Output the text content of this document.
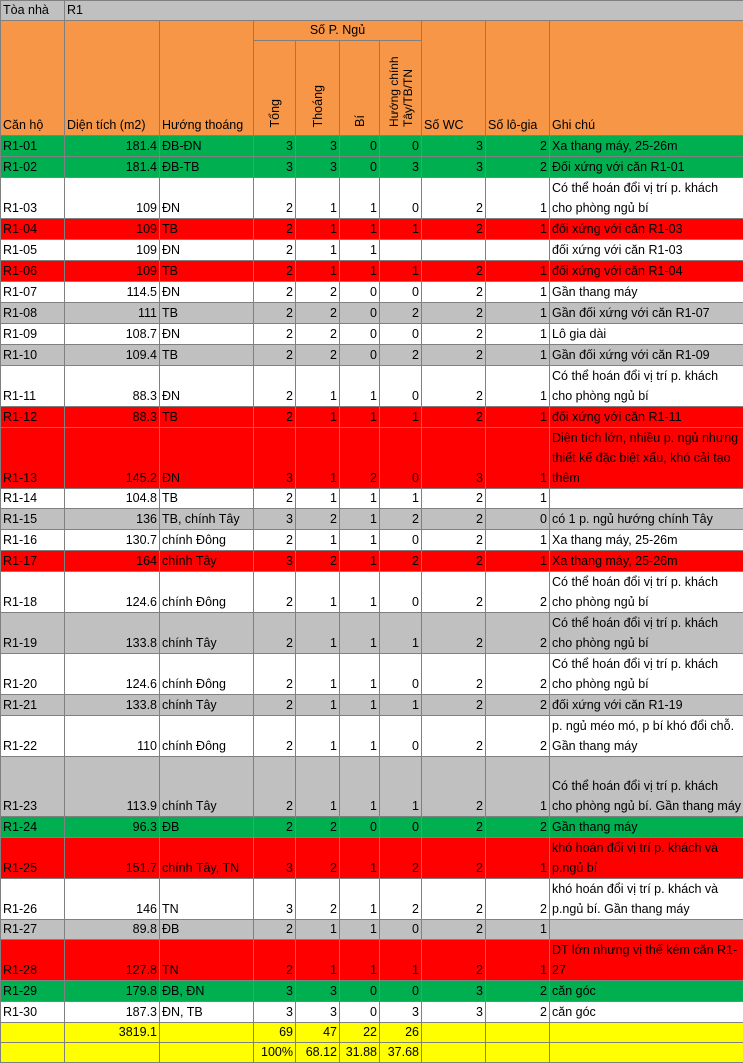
Tòa nhà	R1								
Căn hộ	Diện tích (m2)	Hướng thoáng	Số P. Ngủ				Số WC	Số lô-gia	Ghi chú
			Tổng	Thoáng	Bí	Hướng chính Tây/TB/TN			
R1-01	181.4	ĐB-ĐN	3	3	0	0	3	2	Xa thang máy, 25-26m
R1-02	181.4	ĐB-TB	3	3	0	3	3	2	Đối xứng với căn R1-01
R1-03	109	ĐN	2	1	1	0	2	1	Có thể hoán đổi vị trí p. khách cho phòng ngủ bí
R1-04	109	TB	2	1	1	1	2	1	đối xứng với căn R1-03
R1-05	109	ĐN	2	1	1				đối xứng với căn R1-03
R1-06	109	TB	2	1	1	1	2	1	đối xứng với căn R1-04
R1-07	114.5	ĐN	2	2	0	0	2	1	Gần thang máy
R1-08	111	TB	2	2	0	2	2	1	Gần đối xứng với căn R1-07
R1-09	108.7	ĐN	2	2	0	0	2	1	Lô gia dài
R1-10	109.4	TB	2	2	0	2	2	1	Gần đối xứng với căn R1-09
R1-11	88.3	ĐN	2	1	1	0	2	1	Có thể hoán đổi vị trí p. khách cho phòng ngủ bí
R1-12	88.3	TB	2	1	1	1	2	1	đối xứng với căn R1-11
R1-13	145.2	ĐN	3	1	2	0	3	1	Diện tích lớn, nhiều p. ngủ nhưng thiết kế đặc biệt xấu, khó cải tạo thêm
R1-14	104.8	TB	2	1	1	1	2	1	
R1-15	136	TB, chính Tây	3	2	1	2	2	0	có 1 p. ngủ hướng chính Tây
R1-16	130.7	chính Đông	2	1	1	0	2	1	Xa thang máy, 25-26m
R1-17	164	chính Tây	3	2	1	2	2	1	Xa thang máy, 25-26m
R1-18	124.6	chính Đông	2	1	1	0	2	2	Có thể hoán đổi vị trí p. khách cho phòng ngủ bí
R1-19	133.8	chính Tây	2	1	1	1	2	2	Có thể hoán đổi vị trí p. khách cho phòng ngủ bí
R1-20	124.6	chính Đông	2	1	1	0	2	2	Có thể hoán đổi vị trí p. khách cho phòng ngủ bí
R1-21	133.8	chính Tây	2	1	1	1	2	2	đối xứng với căn R1-19
R1-22	110	chính Đông	2	1	1	0	2	2	p. ngủ méo mó, p bí khó đổi chỗ. Gần thang máy
R1-23	113.9	chính Tây	2	1	1	1	2	1	Có thể hoán đổi vị trí p. khách cho phòng ngủ bí. Gần thang máy
R1-24	96.3	ĐB	2	2	0	0	2	2	Gần thang máy
R1-25	151.7	chính Tây, TN	3	2	1	2	2	1	khó hoán đổi vị trí p. khách và p.ngủ bí
R1-26	146	TN	3	2	1	2	2	2	khó hoán đổi vị trí p. khách và p.ngủ bí. Gần thang máy
R1-27	89.8	ĐB	2	1	1	0	2	1	
R1-28	127.8	TN	2	1	1	1	2	1	DT lớn nhưng vị thế kém căn R1-27
R1-29	179.8	ĐB, ĐN	3	3	0	0	3	2	căn góc
R1-30	187.3	ĐN, TB	3	3	0	3	3	2	căn góc
	3819.1		69	47	22	26			
			100%	68.12	31.88	37.68			
